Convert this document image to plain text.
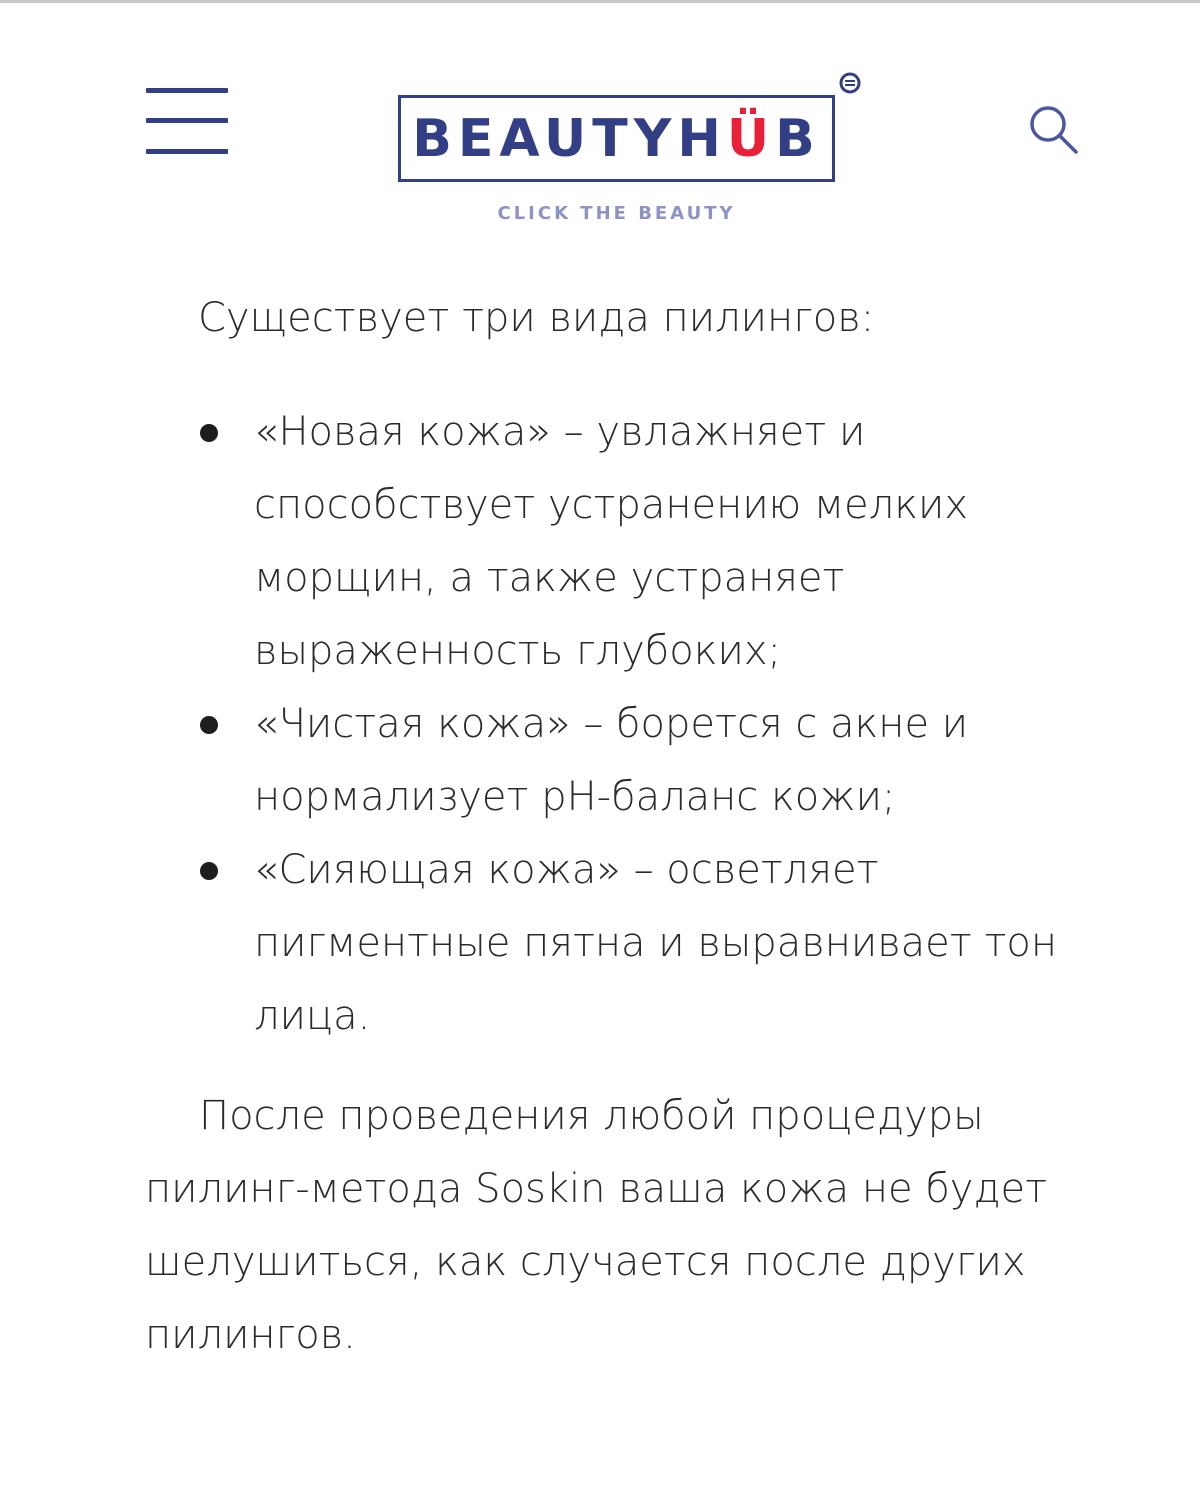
BEAUTYH Ü B
CLICK THE BEAUTY
Существует три вида пилингов:
«Новая кожа» – увлажняет и способствует устранению мелких морщин, а также устраняет выраженность глубоких;
«Чистая кожа» – борется с акне и нормализует pH-баланс кожи;
«Сияющая кожа» – осветляет пигментные пятна и выравнивает тон лица.
После проведения любой процедуры пилинг-метода Soskin ваша кожа не будет шелушиться, как случается после других пилингов.
